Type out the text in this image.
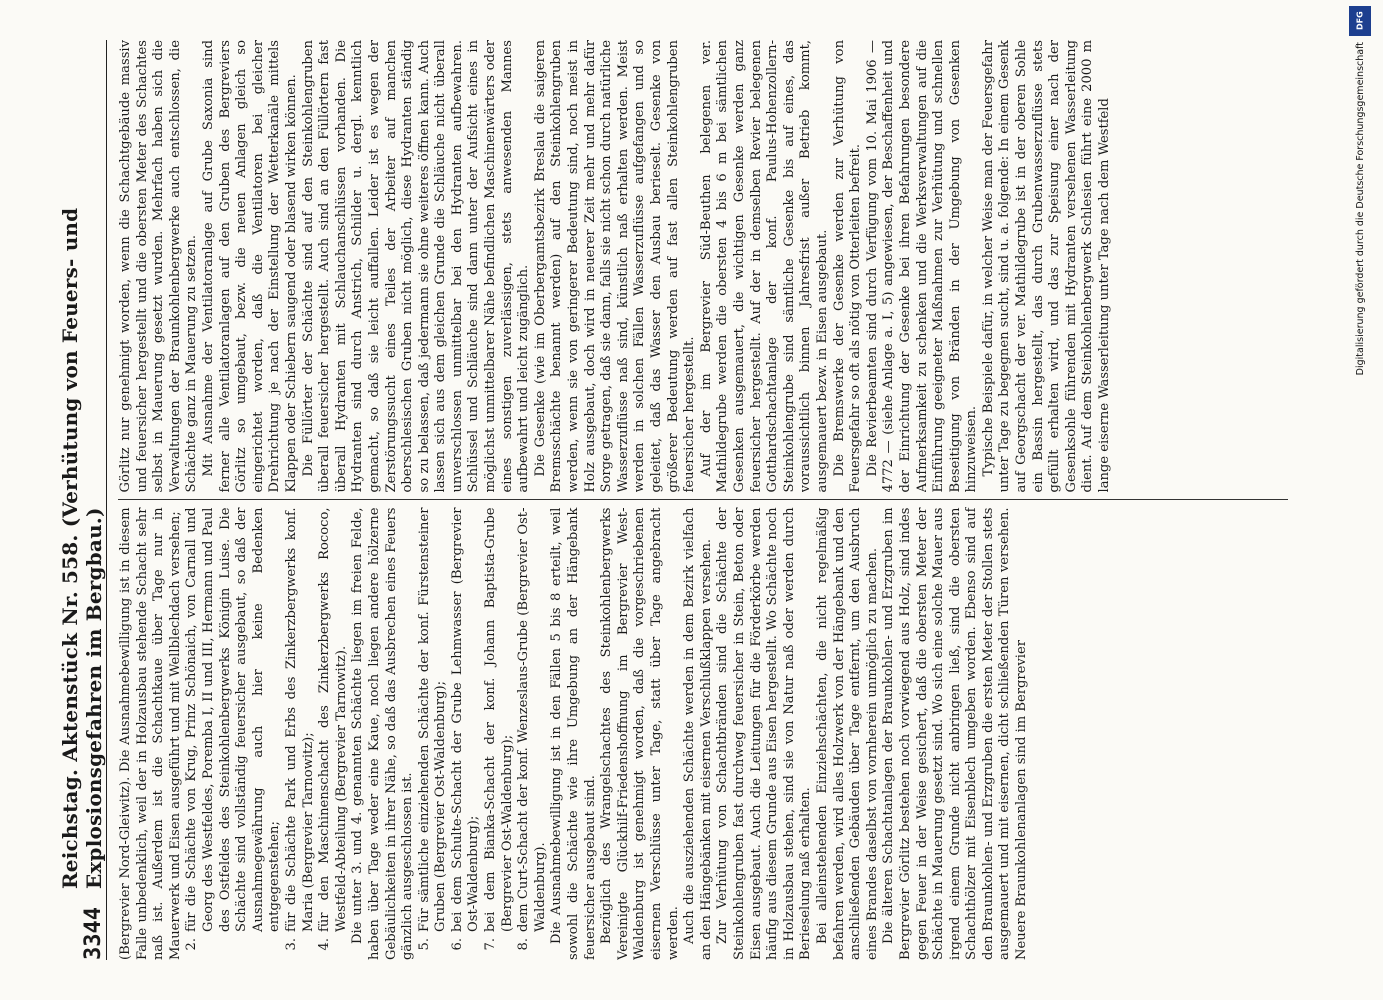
3344
Reichstag. Aktenstück Nr. 558. (Verhütung von Feuers- und Explosionsgefahren im Bergbau.) (Bergrevier Nord-Gleiwitz). Die Ausnahmebewilligung ist in diesem Falle unbedenklich, weil der in Holzausbau stehende Schacht sehr naß ist. Außerdem ist die Schachtkaue über Tage nur in Mauerwerk und Eisen ausgeführt und mit Wellblechdach versehen; 2.
für die Schächte von Krug, Prinz Schönaich, von Carnall und Georg des Westfeldes, Poremba I, II und III, Hermann und Paul des Ostfeldes des Steinkohlenbergwerks Königin Luise. Die Schächte sind vollständig feuersicher ausgebaut, so daß der Ausnahmegewährung auch hier keine Bedenken entgegenstehen;
3.
für die Schächte Park und Erbs des Zinkerzbergwerks konf. Maria (Bergrevier Tarnowitz);
4.
für den Maschinenschacht des Zinkerzbergwerks Rococo, Westfeld-Abteilung (Bergrevier Tarnowitz). Die unter 3. und 4. genannten Schächte liegen im freien Felde, haben über Tage weder eine Kaue, noch liegen andere hölzerne Gebäulichkeiten in ihrer Nähe, so daß das Ausbrechen eines Feuers gänzlich ausgeschlossen ist. 5.
Für sämtliche einziehenden Schächte der konf. Fürstensteiner Gruben (Bergrevier Ost-Waldenburg);
6.
bei dem Schulte-Schacht der Grube Lehmwasser (Bergrevier Ost-Waldenburg);
7.
bei dem Bianka-Schacht der konf. Johann Baptista-Grube (Bergrevier Ost-Waldenburg);
8.
dem Curt-Schacht der konf. Wenzeslaus-Grube (Bergrevier Ost-Waldenburg). Die Ausnahmebewilligung ist in den Fällen 5 bis 8 erteilt, weil sowohl die Schächte wie ihre Umgebung an der Hängebank feuersicher ausgebaut sind. Bezüglich des Wrangelschachtes des Steinkohlenbergwerks Vereinigte Glückhilf-Friedenshoffnung im Bergrevier West-Waldenburg ist genehmigt worden, daß die vorgeschriebenen eisernen Verschlüsse unter Tage, statt über Tage angebracht werden. Auch die ausziehenden Schächte werden in dem Bezirk vielfach an den Hängebänken mit eisernen Verschlußklappen versehen. Zur Verhütung von Schachtbränden sind die Schächte der Steinkohlengruben fast durchweg feuersicher in Stein, Beton oder Eisen ausgebaut. Auch die Leitungen für die Förderkörbe werden häufig aus diesem Grunde aus Eisen hergestellt. Wo Schächte noch in Holzausbau stehen, sind sie von Natur naß oder werden durch Berieselung naß erhalten. Bei alleinstehenden Einziehschächten, die nicht regelmäßig befahren werden, wird alles Holzwerk von der Hängebank und den anschließenden Gebäuden über Tage entfernt, um den Ausbruch eines Brandes daselbst von vornherein unmöglich zu machen. Die älteren Schachtanlagen der Braunkohlen- und Erzgruben im Bergrevier Görlitz bestehen noch vorwiegend aus Holz, sind indes gegen Feuer in der Weise gesichert, daß die obersten Meter der Schächte in Mauerung gesetzt sind. Wo sich eine solche Mauer aus irgend einem Grunde nicht anbringen ließ, sind die obersten Schachthölzer mit Eisenblech umgeben worden. Ebenso sind auf den Braunkohlen- und Erzgruben die ersten Meter der Stollen stets ausgemauert und mit eisernen, dicht schließenden Türen versehen. Neuere Braunkohlenanlagen sind im Bergrevier

Görlitz nur genehmigt worden, wenn die Schachtgebäude massiv und feuersicher hergestellt und die obersten Meter des Schachtes selbst in Mauerung gesetzt wurden. Mehrfach haben sich die Verwaltungen der Braunkohlenbergwerke auch entschlossen, die Schächte ganz in Mauerung zu setzen. Mit Ausnahme der Ventilatoranlage auf Grube Saxonia sind ferner alle Ventilatoranlagen auf den Gruben des Bergreviers Görlitz so umgebaut, bezw. die neuen Anlagen gleich so eingerichtet worden, daß die Ventilatoren bei gleicher Drehrichtung je nach der Einstellung der Wetterkanäle mittels Klappen oder Schiebern saugend oder blasend wirken können. Die Füllörter der Schächte sind auf den Steinkohlengruben überall feuersicher hergestellt. Auch sind an den Füllörtern fast überall Hydranten mit Schlauchanschlüssen vorhanden. Die Hydranten sind durch Anstrich, Schilder u. dergl. kenntlich gemacht, so daß sie leicht auffallen. Leider ist es wegen der Zerstörungssucht eines Teiles der Arbeiter auf manchen oberschlesischen Gruben nicht möglich, diese Hydranten ständig so zu belassen, daß jedermann sie ohne weiteres öffnen kann. Auch lassen sich aus dem gleichen Grunde die Schläuche nicht überall unverschlossen unmittelbar bei den Hydranten aufbewahren. Schlüssel und Schläuche sind dann unter der Aufsicht eines in möglichst unmittelbarer Nähe befindlichen Maschinenwärters oder eines sonstigen zuverlässigen, stets anwesenden Mannes aufbewahrt und leicht zugänglich. Die Gesenke (wie im Oberbergamtsbezirk Breslau die saigeren Bremsschächte benannt werden) auf den Steinkohlengruben werden, wenn sie von geringerer Bedeutung sind, noch meist in Holz ausgebaut, doch wird in neuerer Zeit mehr und mehr dafür Sorge getragen, daß sie dann, falls sie nicht schon durch natürliche Wasserzuflüsse naß sind, künstlich naß erhalten werden. Meist werden in solchen Fällen Wasserzuflüsse aufgefangen und so geleitet, daß das Wasser den Ausbau berieselt. Gesenke von größerer Bedeutung werden auf fast allen Steinkohlengruben feuersicher hergestellt. Auf der im Bergrevier Süd-Beuthen belegenen ver. Mathildegrube werden die obersten 4 bis 6 m bei sämtlichen Gesenken ausgemauert, die wichtigen Gesenke werden ganz feuersicher hergestellt. Auf der in demselben Revier belegenen Gotthardschachtanlage der konf. Paulus-Hohenzollern-Steinkohlengrube sind sämtliche Gesenke bis auf eines, das voraussichtlich binnen Jahresfrist außer Betrieb kommt, ausgemauert bezw. in Eisen ausgebaut. Die Bremswerke der Gesenke werden zur Verhütung von Feuersgefahr so oft als nötig von Otterleiten befreit. Die Revierbeamten sind durch Verfügung vom 10. Mai 1906 — 4772 — (siehe Anlage a. I, 5) angewiesen, der Beschaffenheit und der Einrichtung der Gesenke bei ihren Befahrungen besondere Aufmerksamkeit zu schenken und die Werksverwaltungen auf die Einführung geeigneter Maßnahmen zur Verhütung und schnellen Beseitigung von Bränden in der Umgebung von Gesenken hinzuweisen. Typische Beispiele dafür, in welcher Weise man der Feuersgefahr unter Tage zu begegnen sucht, sind u. a. folgende: In einem Gesenk auf Georgschacht der ver. Mathildegrube ist in der oberen Sohle ein Bassin hergestellt, das durch Grubenwasserzuflüsse stets gefüllt erhalten wird, und das zur Speisung einer nach der Gesenksohle führenden mit Hydranten versehenen Wasserleitung dient. Auf dem Steinkohlenbergwerk Schlesien führt eine 2000 m lange eiserne Wasserleitung unter Tage nach dem Westfeld

DFG
Digitalisierung gefördert durch die Deutsche Forschungsgemeinschaft
